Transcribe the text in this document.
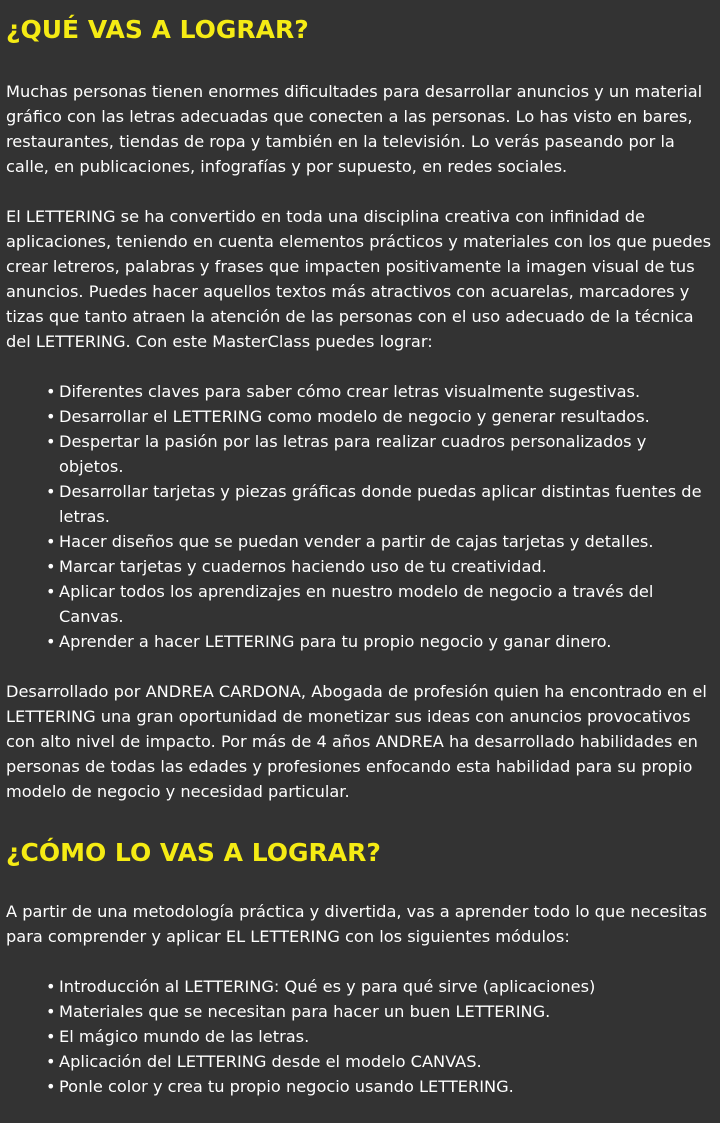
¿QUÉ VAS A LOGRAR?

Muchas personas tienen enormes dificultades para desarrollar anuncios y un material gráfico con las letras adecuadas que conecten a las personas. Lo has visto en bares, restaurantes, tiendas de ropa y también en la televisión. Lo verás paseando por la calle, en publicaciones, infografías y por supuesto, en redes sociales.

El LETTERING se ha convertido en toda una disciplina creativa con infinidad de aplicaciones, teniendo en cuenta elementos prácticos y materiales con los que puedes crear letreros, palabras y frases que impacten positivamente la imagen visual de tus anuncios. Puedes hacer aquellos textos más atractivos con acuarelas, marcadores y tizas que tanto atraen la atención de las personas con el uso adecuado de la técnica del LETTERING. Con este MasterClass puedes lograr:

• Diferentes claves para saber cómo crear letras visualmente sugestivas.
• Desarrollar el LETTERING como modelo de negocio y generar resultados.
• Despertar la pasión por las letras para realizar cuadros personalizados y objetos.
• Desarrollar tarjetas y piezas gráficas donde puedas aplicar distintas fuentes de letras.
• Hacer diseños que se puedan vender a partir de cajas tarjetas y detalles.
• Marcar tarjetas y cuadernos haciendo uso de tu creatividad.
• Aplicar todos los aprendizajes en nuestro modelo de negocio a través del Canvas.
• Aprender a hacer LETTERING para tu propio negocio y ganar dinero.

Desarrollado por ANDREA CARDONA, Abogada de profesión quien ha encontrado en el LETTERING una gran oportunidad de monetizar sus ideas con anuncios provocativos con alto nivel de impacto. Por más de 4 años ANDREA ha desarrollado habilidades en personas de todas las edades y profesiones enfocando esta habilidad para su propio modelo de negocio y necesidad particular.

¿CÓMO LO VAS A LOGRAR?

A partir de una metodología práctica y divertida, vas a aprender todo lo que necesitas para comprender y aplicar EL LETTERING con los siguientes módulos:

• Introducción al LETTERING: Qué es y para qué sirve (aplicaciones)
• Materiales que se necesitan para hacer un buen LETTERING.
• El mágico mundo de las letras.
• Aplicación del LETTERING desde el modelo CANVAS.
• Ponle color y crea tu propio negocio usando LETTERING.
